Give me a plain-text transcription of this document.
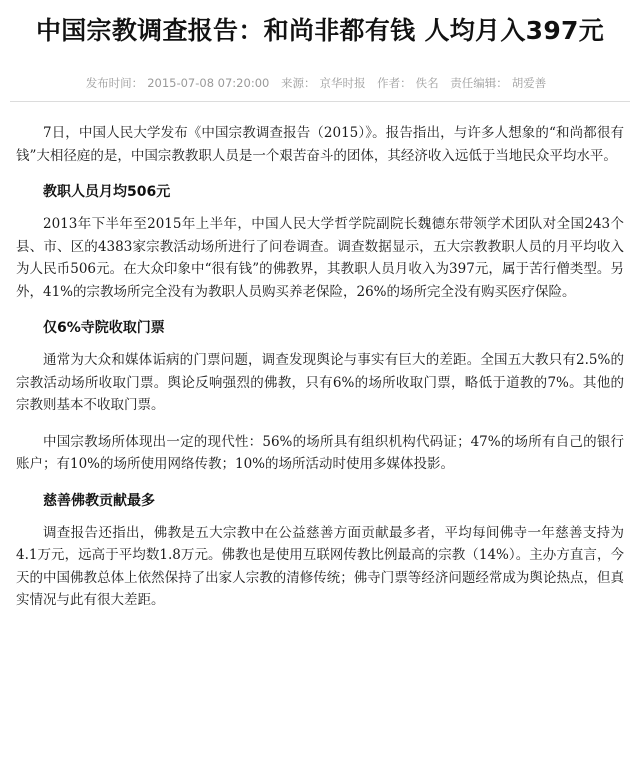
中国宗教调查报告：和尚非都有钱 人均月入397元
发布时间： 2015-07-08 07:20:00 来源： 京华时报 作者： 佚名 责任编辑： 胡爱善

7日，中国人民大学发布《中国宗教调查报告（2015）》。报告指出，与许多人想象的“和尚都很有钱”大相径庭的是，中国宗教教职人员是一个艰苦奋斗的团体，其经济收入远低于当地民众平均水平。

教职人员月均506元

2013年下半年至2015年上半年，中国人民大学哲学院副院长魏德东带领学术团队对全国243个县、市、区的4383家宗教活动场所进行了问卷调查。调查数据显示，五大宗教教职人员的月平均收入为人民币506元。在大众印象中“很有钱”的佛教界，其教职人员月收入为397元，属于苦行僧类型。另外，41%的宗教场所完全没有为教职人员购买养老保险，26%的场所完全没有购买医疗保险。

仅6%寺院收取门票

通常为大众和媒体诟病的门票问题，调查发现舆论与事实有巨大的差距。全国五大教只有2.5%的宗教活动场所收取门票。舆论反响强烈的佛教，只有6%的场所收取门票，略低于道教的7%。其他的宗教则基本不收取门票。

中国宗教场所体现出一定的现代性：56%的场所具有组织机构代码证；47%的场所有自己的银行账户；有10%的场所使用网络传教；10%的场所活动时使用多媒体投影。

慈善佛教贡献最多

调查报告还指出，佛教是五大宗教中在公益慈善方面贡献最多者，平均每间佛寺一年慈善支持为4.1万元，远高于平均数1.8万元。佛教也是使用互联网传教比例最高的宗教（14%）。主办方直言，今天的中国佛教总体上依然保持了出家人宗教的清修传统；佛寺门票等经济问题经常成为舆论热点，但真实情况与此有很大差距。
